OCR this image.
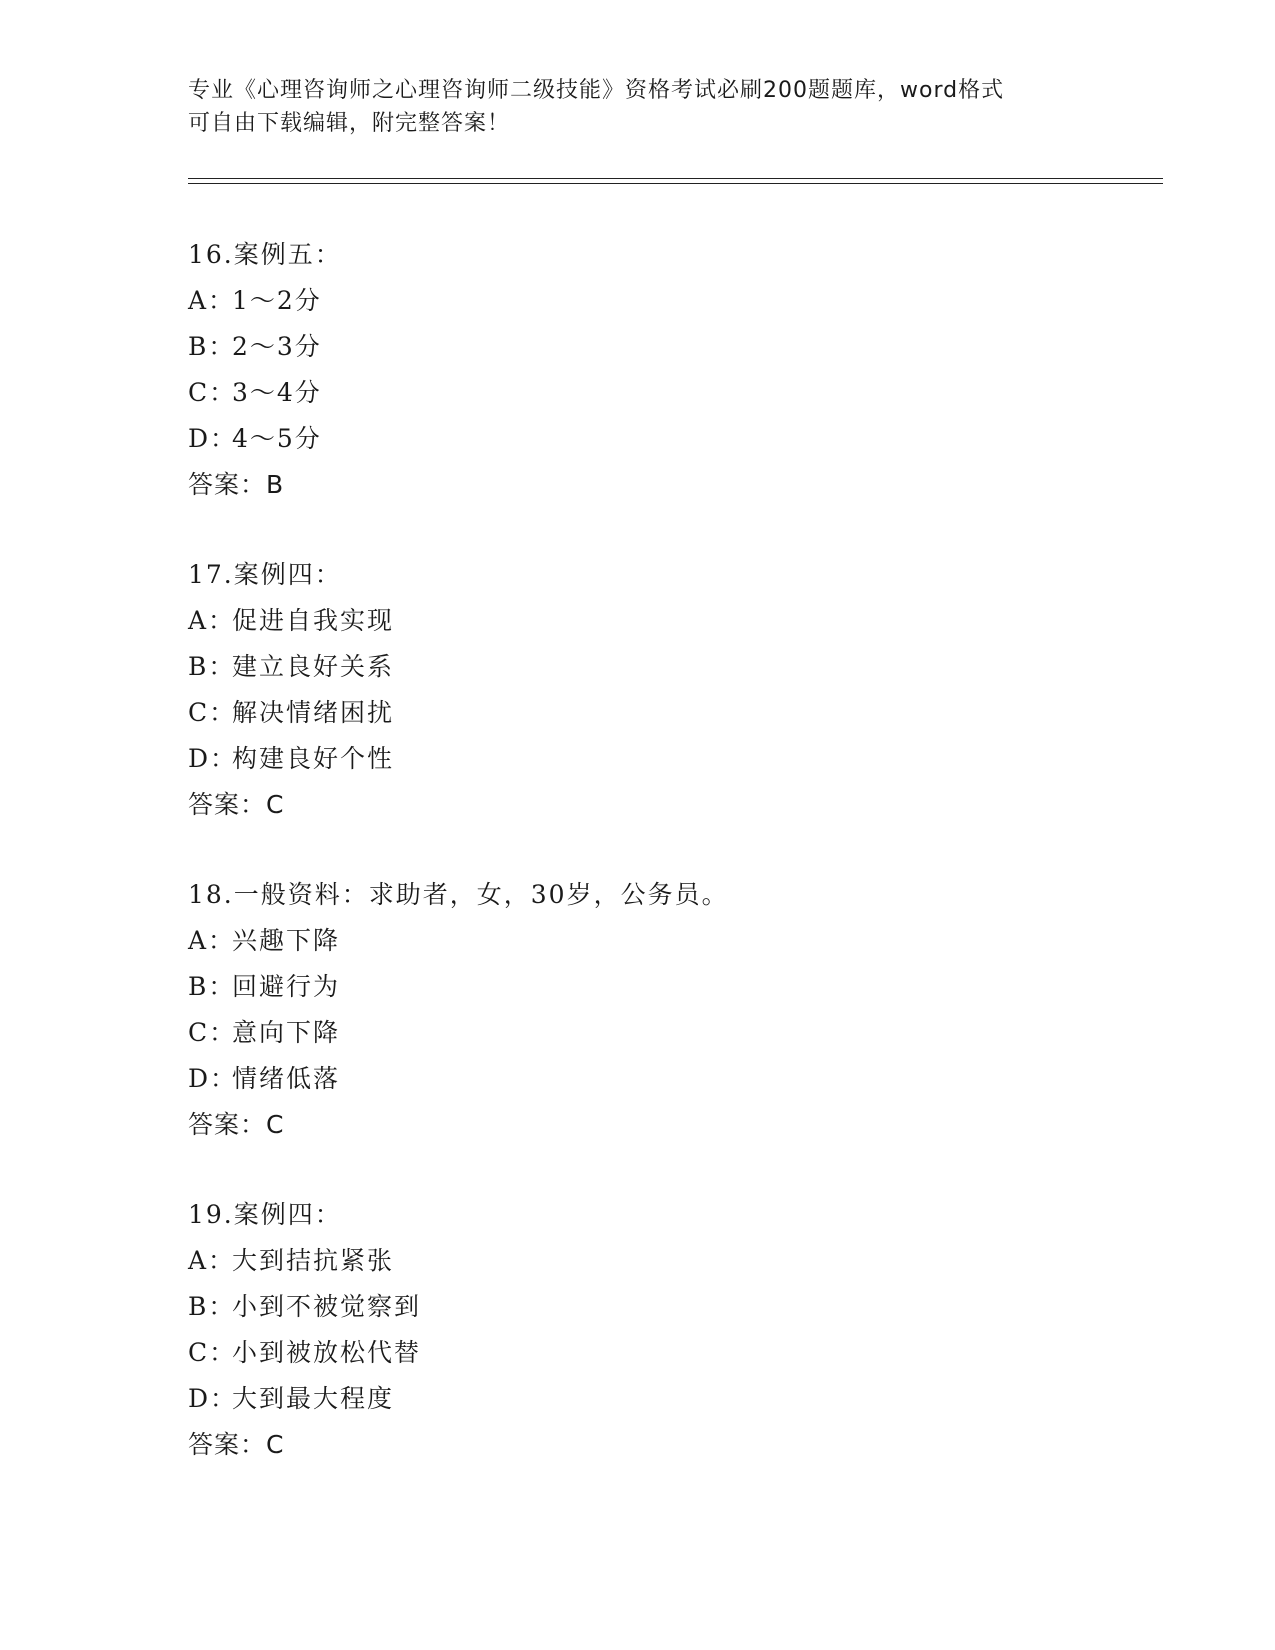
专业《心理咨询师之心理咨询师二级技能》资格考试必刷200题题库，word格式
可自由下载编辑，附完整答案！
16.案例五：
A：1～2分
B：2～3分
C：3～4分
D：4～5分
答案：B
17.案例四：
A：促进自我实现
B：建立良好关系
C：解决情绪困扰
D：构建良好个性
答案：C
18.一般资料：求助者，女，30岁，公务员。
A：兴趣下降
B：回避行为
C：意向下降
D：情绪低落
答案：C
19.案例四：
A：大到拮抗紧张
B：小到不被觉察到
C：小到被放松代替
D：大到最大程度
答案：C
